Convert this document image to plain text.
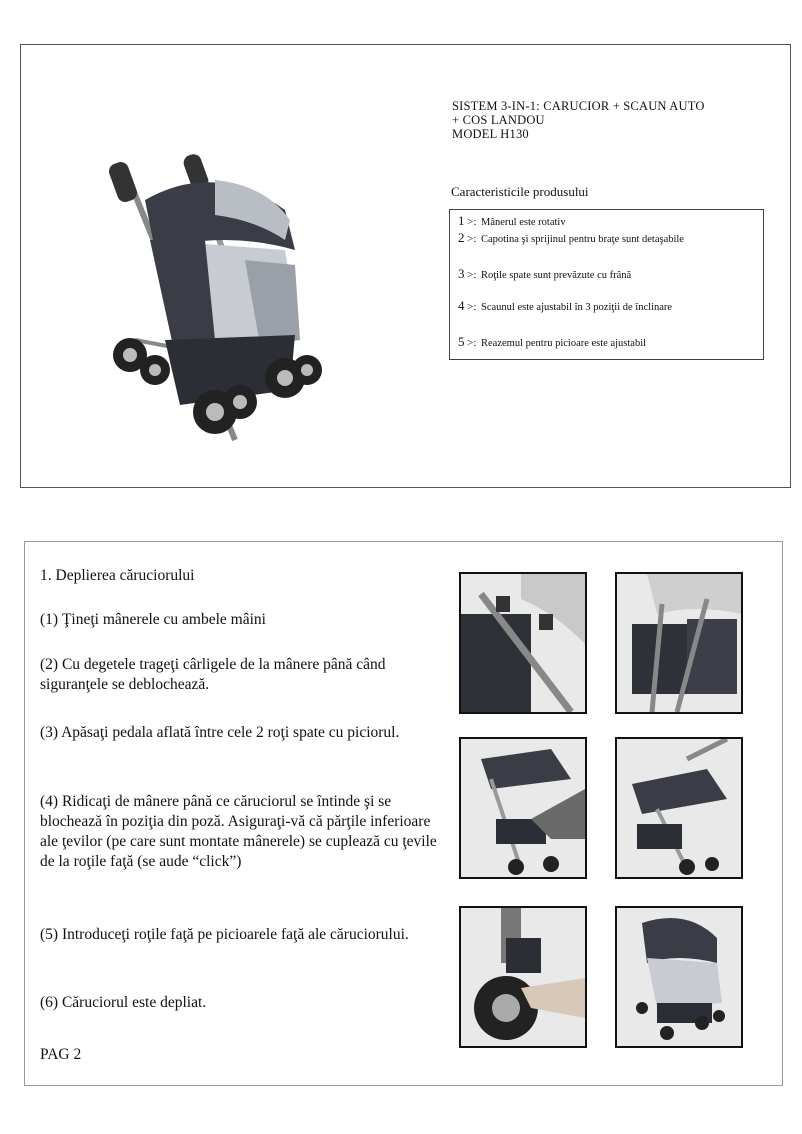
SISTEM 3-IN-1: CARUCIOR + SCAUN AUTO
+ COS LANDOU
MODEL H130
Caracteristicile produsului
1 >: Mânerul este rotativ
2 >: Capotina şi sprijinul pentru braţe sunt detaşabile
3 >: Roţile spate sunt prevăzute cu frână
4 >: Scaunul este ajustabil în 3 poziţii de înclinare
5 >: Reazemul pentru picioare este ajustabil
1. Deplierea căruciorului
(1) Ţineţi mânerele cu ambele mâini
(2) Cu degetele trageţi cârligele de la mânere până când siguranţele se deblochează.
(3) Apăsaţi pedala aflată între cele 2 roţi spate cu piciorul.
(4) Ridicaţi de mânere până ce căruciorul se întinde şi se blochează în poziţia din poză. Asiguraţi-vă că părţile inferioare ale ţevilor (pe care sunt montate mânerele) se cuplează cu ţevile de la roţile faţă (se aude “click”)
(5) Introduceţi roţile faţă pe picioarele faţă ale căruciorului.
(6) Căruciorul este depliat.
PAG 2
